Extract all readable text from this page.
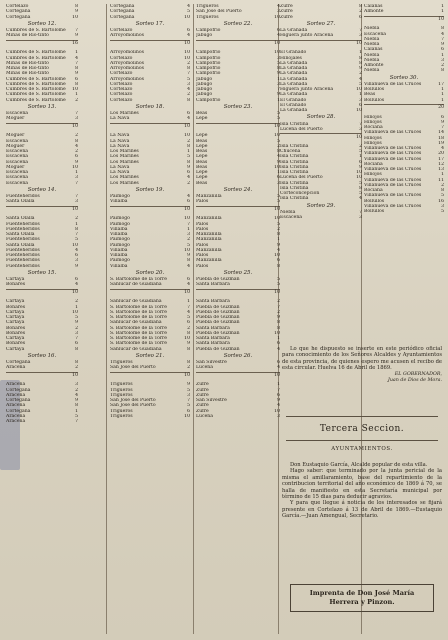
Cortelazo	8
Cortegana	9
Cortegana	10
Sorteo 12.
Cumbres de S. Bartolomé	7
Minas de Rio-tinto	9
16
Cumbres de S. Bartolomé	1
Cumbres de S. Bartolomé	4
Minas de Rio-tinto	7
Minas de Rio-tinto	8
Minas de Rio-tinto	9
Cumbres de S. Bartolomé	6
Cumbres de S. Bartolomé	8
Cumbres de S. Bartolomé	10
Cumbres de S. Bartolomé	1
Cumbres de S. Bartolomé	2
Sorteo 13.
Escacena	7
Moguer	3
10
Moguer	2
Escacena	8
Moguer	4
Escacena	2
Escacena	6
Escacena	9
Moguer	10
Escacena	1
Escacena	3
Escacena	7
Sorteo 14.
Fuenteheridos	7
Santa Olalla	3
10
Santa Olalla	2
Fuenteheridos	1
Fuenteheridos	8
Santa Olalla	7
Fuenteheridos	5
Santa Olalla	10
Fuenteheridos	4
Fuenteheridos	6
Fuenteheridos	3
Fuenteheridos	9
Sorteo 15.
Cartaya	6
Bonares	4
10
Cartaya	2
Bonares	1
Cartaya	10
Cartaya	5
Cartaya	9
Bonares	2
Bonares	3
Cartaya	7
Bonares	6
Cartaya	8
Sorteo 16.
Cortegana	8
Aracena	2
10
Aracena	3
Cortegana	2
Aracena	4
Cortegana	9
Aracena	8
Cortegana	1
Aracena	5
Aracena	7
Cortegana	4
Cortegana	5
Cortegana	10
Sorteo 17.
Cortelazo	6
Arroyomolinos	4
10
Arroyomolinos	10
Cortelazo	10
Arroyomolinos	2
Arroyomolinos	8
Cortelazo	7
Arroyomolinos	5
Cortelazo	3
Cortelazo	4
Cortelazo	2
Cortelazo	8
Sorteo 18.
Los Marines	6
La Nava	4
10
La Nava	10
La Nava	2
La Nava	8
Los Marines	1
Los Marines	5
Los Marines	8
La Nava	9
La Nava	6
Los Marines	4
Los Marines	2
Sorteo 19.
Paimogo	4
Villalba	6
10
Paimogo	10
Paimogo	7
Villalba	1
Villalba	3
Paimogo	2
Paimogo	5
Villalba	10
Villalba	9
Paimogo	8
Villalba	4
Sorteo 20.
S. Bartolomé de la Torre	6
Sanlúcar de Guadiana	4
10
Sanlúcar de Guadiana	1
S. Bartolomé de la Torre	7
S. Bartolomé de la Torre	4
S. Bartolomé de la Torre	5
Sanlúcar de Guadiana	6
S. Bartolomé de la Torre	2
S. Bartolomé de la Torre	8
S. Bartolomé de la Torre	10
S. Bartolomé de la Torre	9
Sanlúcar de Guadiana	8
Sorteo 21.
Trigueros	8
San José del Puerto	2
10
Trigueros	9
Trigueros	5
Trigueros	3
San José del Puerto	7
San José del Puerto	5
Trigueros	6
Trigueros	10
Trigueros	4
San José del Puerto	3
Trigueros	10
Sorteo 22.
Campofrio	6
Jabugo	4
10
Campofrio	10
Campofrio	3
Campofrio	5
Campofrio	8
Campofrio	9
Jabugo	1
Jabugo	3
Jabugo	7
Jabugo	9
Campofrio	1
Sorteo 23.
Beas	5
Lepe	5
10
Lepe	10
Beas	5
Lepe	2
Beas	8
Lepe	4
Beas	9
Beas	10
Lepe	1
Lepe	6
Beas	3
Sorteo 24.
Manzanilla	5
Palos	5
10
Manzanilla	10
Palos	5
Palos	2
Manzanilla	8
Manzanilla	1
Palos	9
Manzanilla	4
Palos	10
Manzanilla	6
Palos	8
Sorteo 25.
Puebla de Guzman	5
Santa Bárbara	5
10
Santa Bárbara	2
Puebla de Guzman	7
Puebla de Guzman	2
Puebla de Guzman	9
Puebla de Guzman	8
Santa Bárbara	8
Puebla de Guzman	10
Santa Bárbara	1
Santa Bárbara	6
Puebla de Guzman	4
Sorteo 26.
San Silvestre	6
Lucena	4
10
Zufre	1
Zufre	7
Zufre	6
San Silvestre	9
Zufre	4
Zufre	10
Lucena	3
Zufre	8
Zufre	2
Zufre	6
Sorteo 27.
La Granada	7
Higuera junto Aracena	3
10
El Granado	1
Hinojales	8
La Granada	8
La Granada	9
La Granada	2
La Granada	4
La Granada	5
Higuera junto Aracena	10
La Granada	1
El Granado	3
El Granado	6
La Granada	10
Sorteo 28.
Isla Cristina	7
Lucena del Puerto	3
10
Isla Cristina	2
Chucena	5
Isla Cristina	1
Isla Cristina	6
Isla Cristina	9
Isla Cristina	10
Lucena del Puerto	10
Isla Cristina	5
Isla Cristina	8
Corteconcepcion	5
Isla Cristina	4
Sorteo 29.
Niebla	7
Escacena	3
Calañas	1
Almonte	1
10
Niebla	8
Escacena	4
Niebla	7
Niebla	9
Calañas	6
Niebla	1
Niebla	3
Almonte	2
Niebla	8
Sorteo 30.
Villanueva de las Cruces	17
Bollullos	1
Beas	1
Bollullos	1
20
Hinojos	6
Hinojos	9
Rociana	7
Villanueva de las Cruces	14
Hinojos	18
Hinojos	19
Villanueva de las Cruces	4
Villanueva de las Cruces	20
Villanueva de las Cruces	17
Rociana	12
Villanueva de las Cruces	13
Hinojos	1
Villanueva de las Cruces	11
Villanueva de las Cruces	2
Rociana	8
Villanueva de las Cruces	5
Bollullos	16
Villanueva de las Cruces	3
Bollullos	5

Lo que he dispuesto se inserte en este periódico oficial para conocimiento de los Señores Alcaldes y Ayuntamientos de esta provincia, de quienes espero me acusen el recibo de esta circular. Huelva 16 de Abril de 1869.

EL GOBERNADOR,
Juan de Dios de Mora.
Tercera Seccion.
AYUNTAMIENTOS.

Don Eustaquio García, Alcalde popular de esta villa.

Hago saber: que terminado por la junta pericial de la misma el amillaramiento, base del repartimiento de la contribucion territorial del año económico de 1869 á 70, se halla de manifiesto en esta Secretaría municipal por término de 15 dias para deducir agravios.

Y para que llegue á noticia de los interesados se fijará presente en Cortelazo á 13 de Abril de 1869.—Eustaquio García.—Juan Amengual, Secretario.

Imprenta de Don José María
Herrera y Pinzon.
